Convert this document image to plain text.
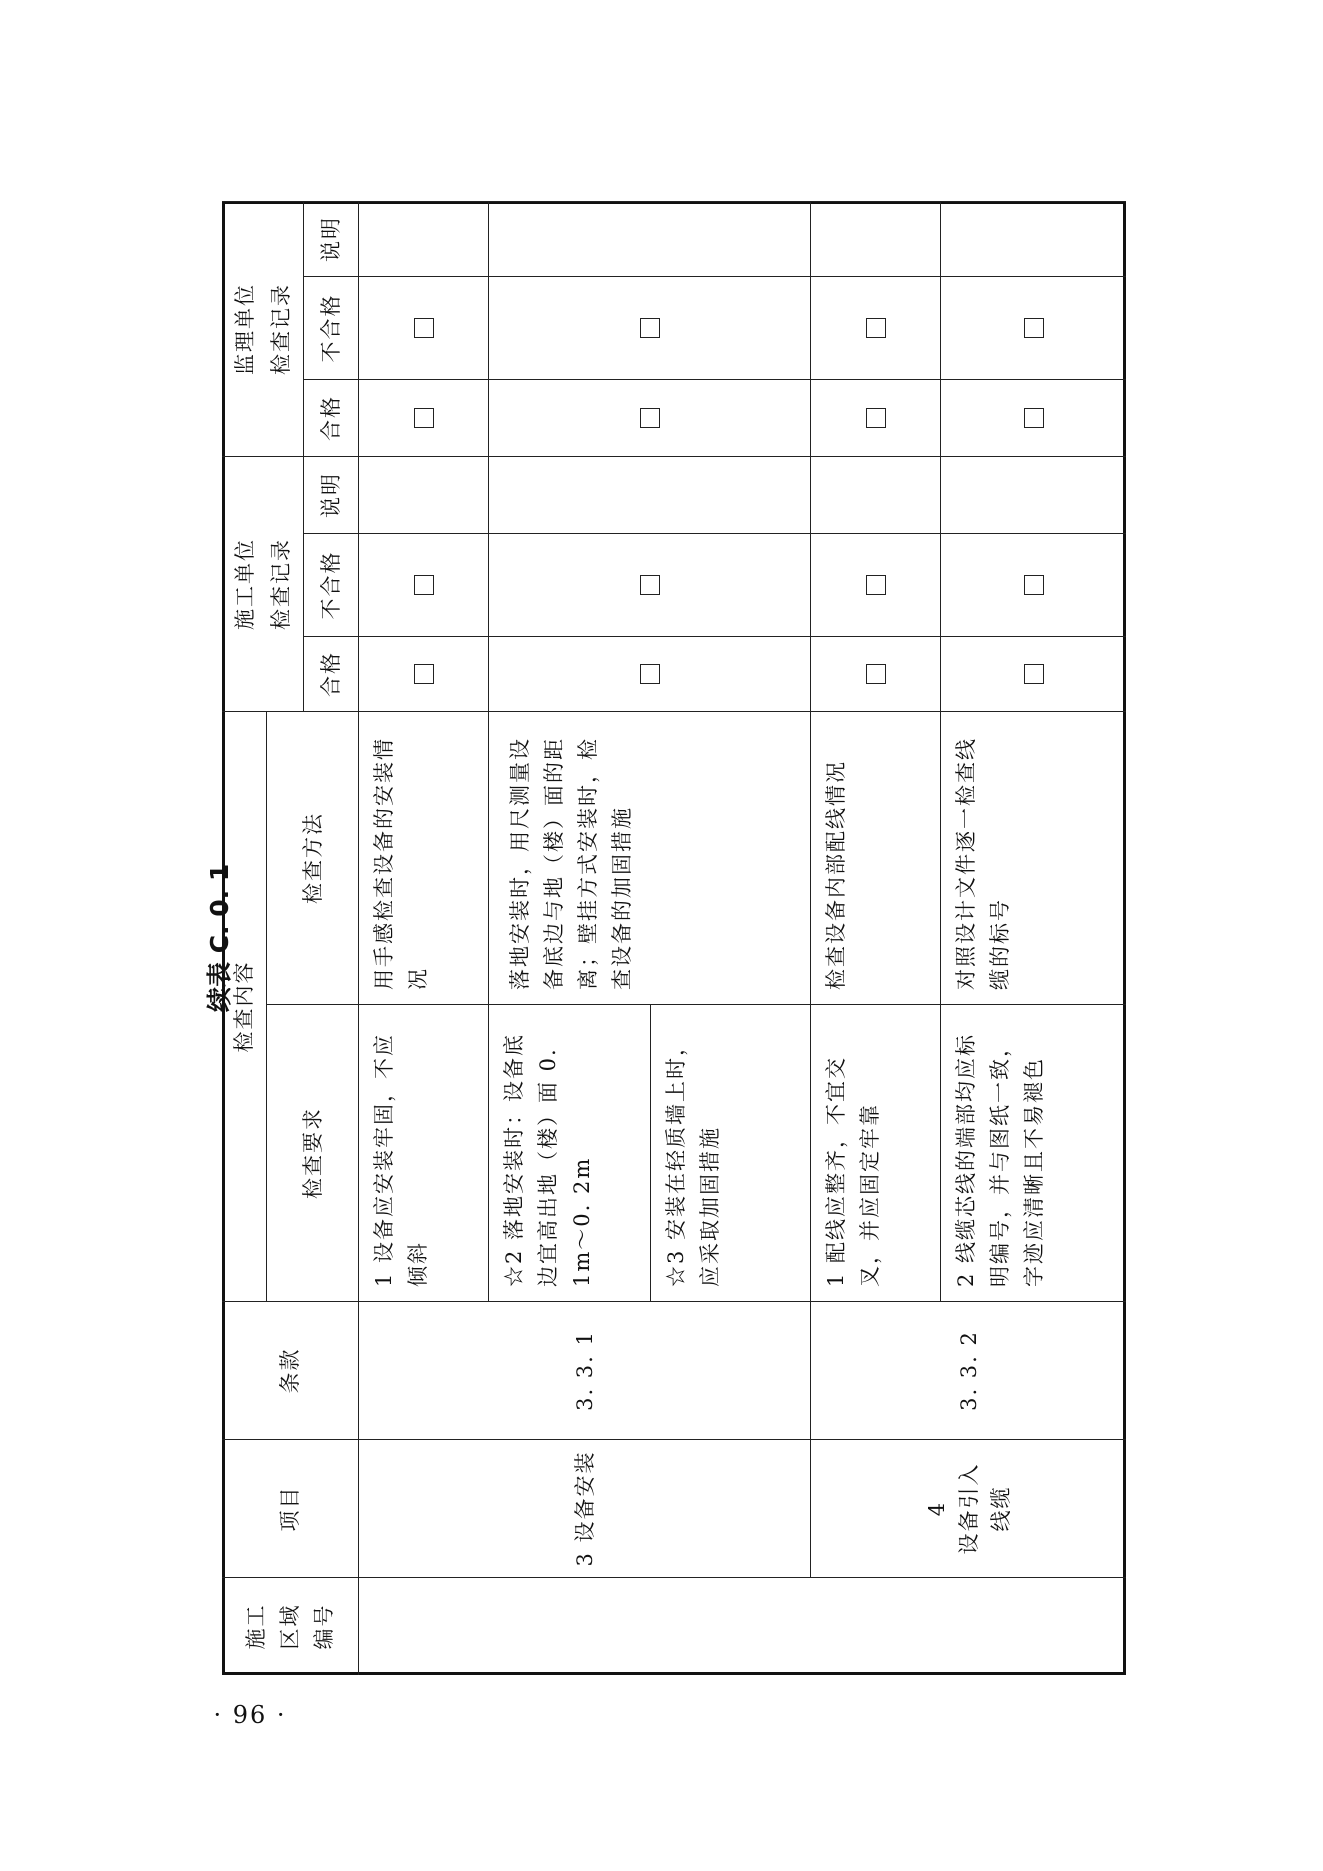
续表 C. 0. 1
施工
区域
编号
项目
条款
检查内容
检查要求
检查方法
施工单位
检查记录
监理单位
检查记录
合格
不合格
说明
合格
不合格
说明
3 设备安装
3. 3. 1
4
设备引入
线缆
3. 3. 2
1 设备应安装牢固，不应倾斜
用手感检查设备的安装情况
☆2 落地安装时：设备底边宜高出地（楼）面 0. 1m～0. 2m	☆3 安装在轻质墙上时，应采取加固措施
落地安装时，用尺测量设备底边与地（楼）面的距离；壁挂方式安装时，检查设备的加固措施
1 配线应整齐，不宜交叉，并应固定牢靠
检查设备内部配线情况
2 线缆芯线的端部均应标明编号，并与图纸一致，字迹应清晰且不易褪色
对照设计文件逐一检查线缆的标号
· 96 ·
